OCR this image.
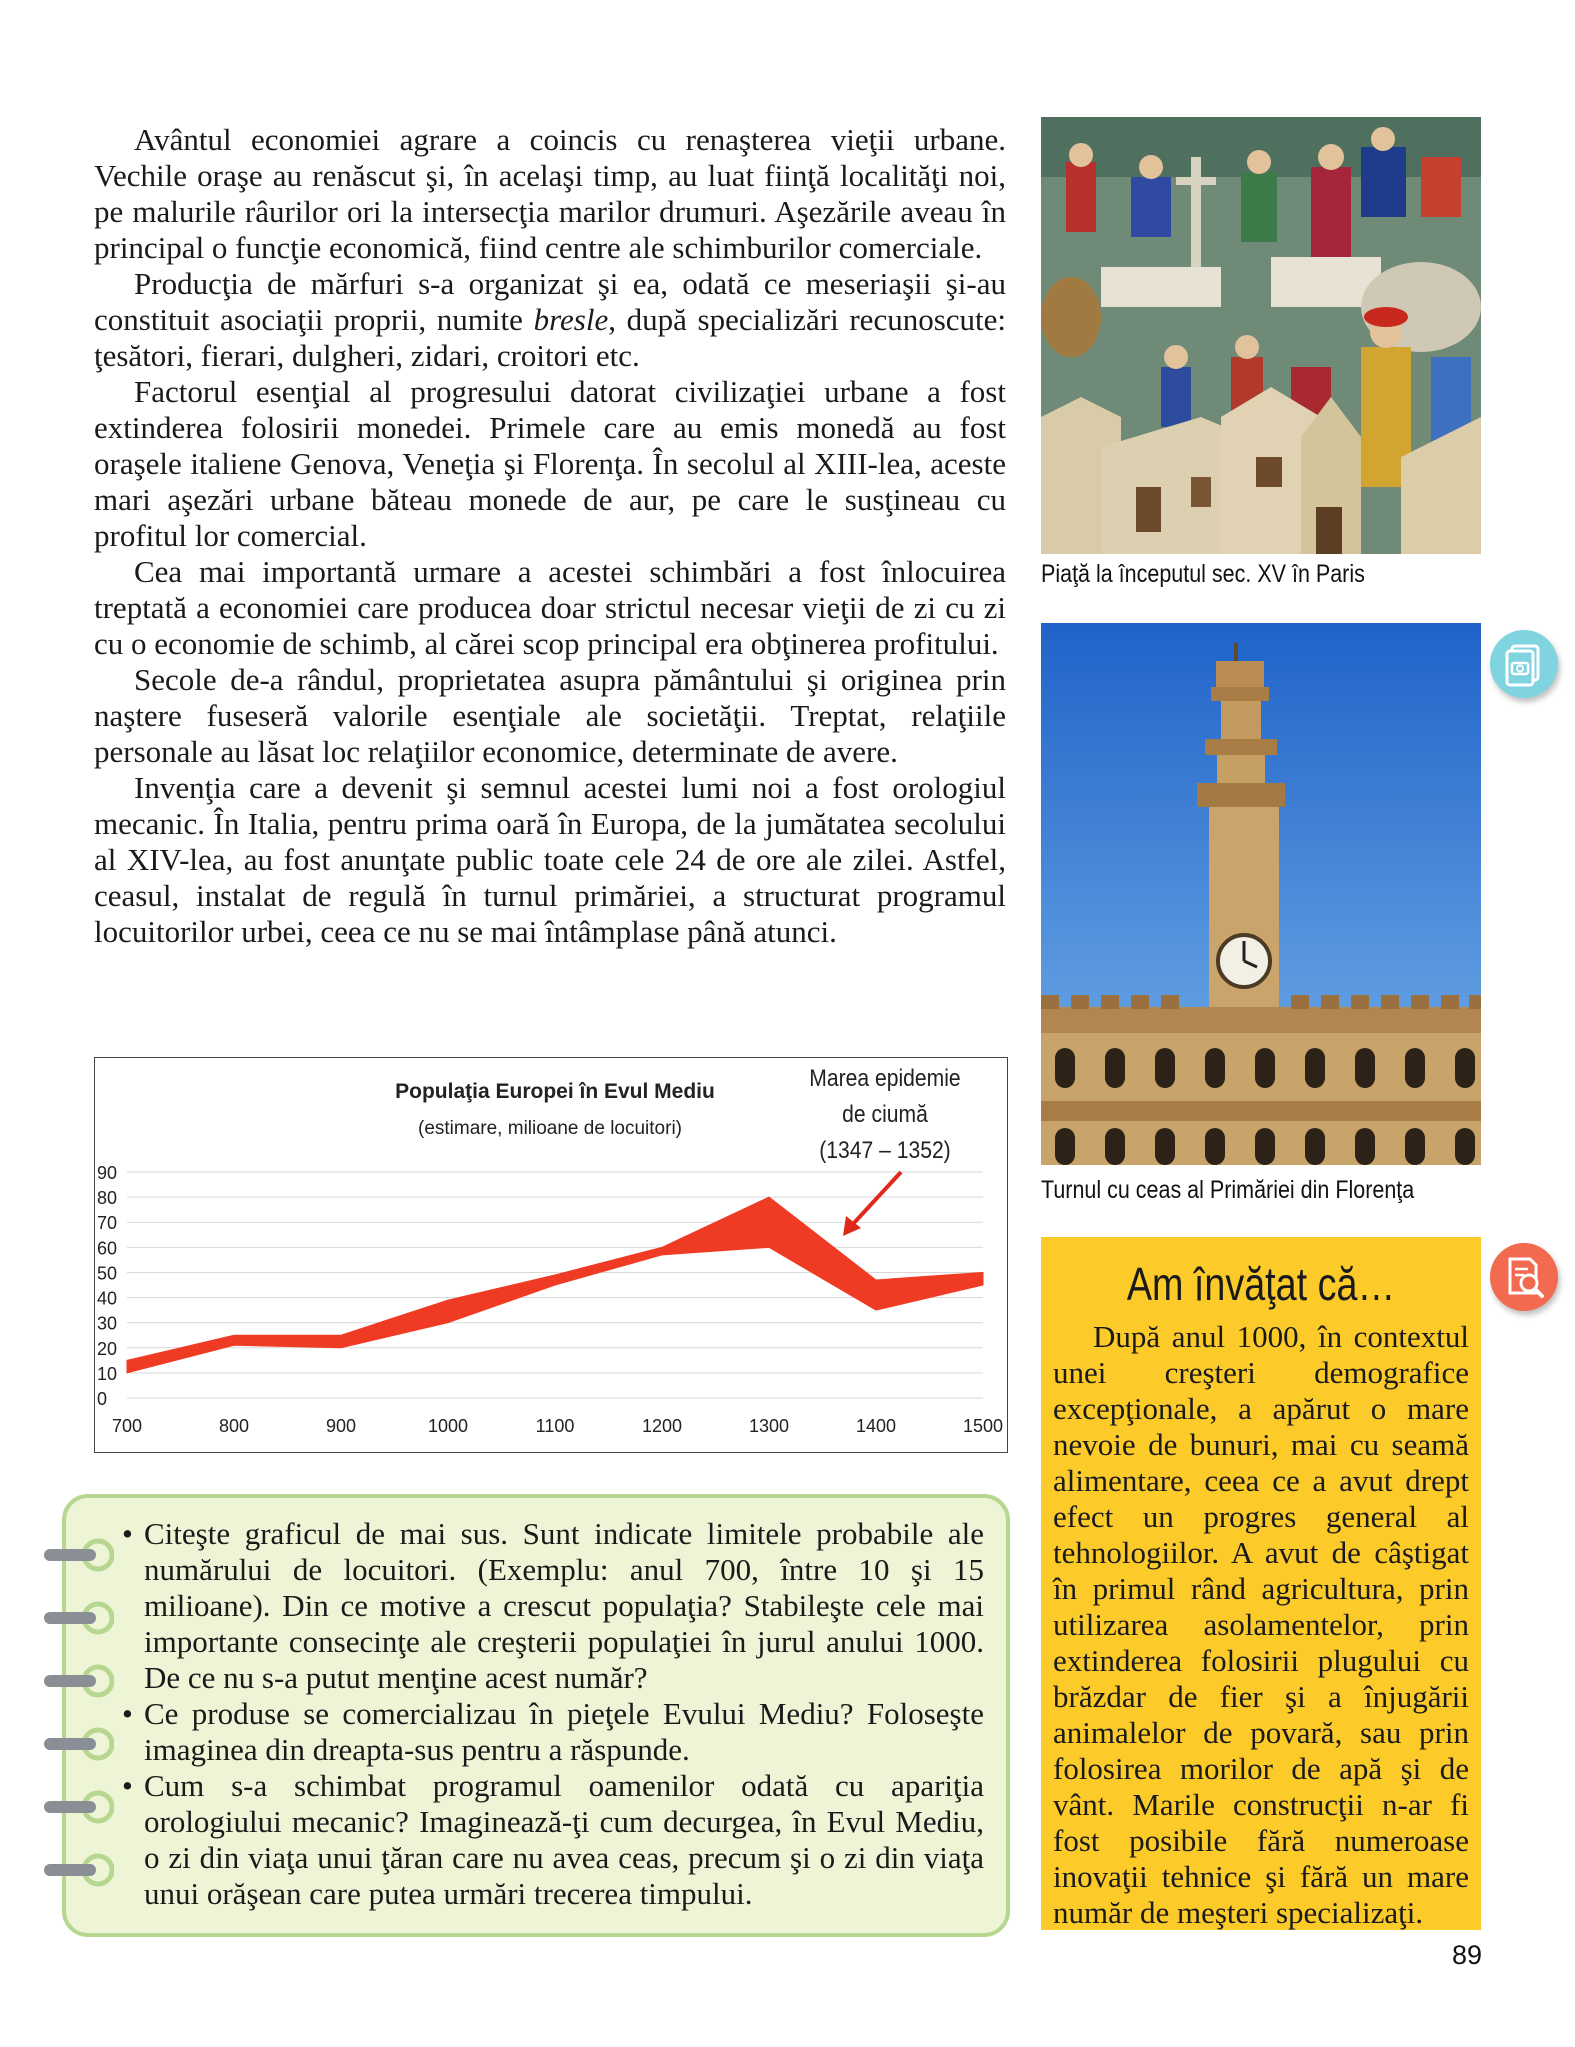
Avântul economiei agrare a coincis cu renaşterea vieţii urbane. Vechile oraşe au renăscut şi, în acelaşi timp, au luat fiinţă localităţi noi, pe malurile râurilor ori la intersecţia marilor drumuri. Aşezările aveau în principal o funcţie economică, fiind centre ale schimburilor comerciale.

Producţia de mărfuri s-a organizat şi ea, odată ce meseriaşii şi-au constituit asociaţii proprii, numite bresle, după specializări recunoscute: ţesători, fierari, dulgheri, zidari, croitori etc.

Factorul esenţial al progresului datorat civilizaţiei urbane a fost extinderea folosirii monedei. Primele care au emis monedă au fost oraşele italiene Genova, Veneţia şi Florenţa. În secolul al XIII-lea, aceste mari aşezări urbane băteau monede de aur, pe care le susţineau cu profitul lor comercial.

Cea mai importantă urmare a acestei schimbări a fost înlocuirea treptată a economiei care producea doar strictul necesar vieţii de zi cu zi cu o economie de schimb, al cărei scop principal era obţinerea profitului.

Secole de-a rândul, proprietatea asupra pământului şi originea prin naştere fuseseră valorile esenţiale ale societăţii. Treptat, relaţiile personale au lăsat loc relaţiilor economice, determinate de avere.

Invenţia care a devenit şi semnul acestei lumi noi a fost orologiul mecanic. În Italia, pentru prima oară în Europa, de la jumătatea secolului al XIV-lea, au fost anunţate public toate cele 24 de ore ale zilei. Astfel, ceasul, instalat de regulă în turnul primăriei, a structurat programul locuitorilor urbei, ceea ce nu se mai întâmplase până atunci.

Piaţă la începutul sec. XV în Paris
Turnul cu ceas al Primăriei din Florenţa
Populaţia Europei în Evul Mediu
(estimare, milioane de locuitori)
Marea epidemie
de ciumă
(1347 – 1352)
0
10
20
30
40
50
60
70
80
90
700	800	900	1000	1100	1200	1300	1400	1500
• Citeşte graficul de mai sus. Sunt indicate limitele probabile ale numărului de locuitori. (Exemplu: anul 700, între 10 şi 15 milioane). Din ce motive a crescut populaţia? Stabileşte cele mai importante consecinţe ale creşterii populaţiei în jurul anului 1000. De ce nu s-a putut menţine acest număr?
• Ce produse se comercializau în pieţele Evului Mediu? Foloseşte imaginea din dreapta-sus pentru a răspunde.
• Cum s-a schimbat programul oamenilor odată cu apariţia orologiului mecanic? Imaginează-ţi cum decurgea, în Evul Mediu, o zi din viaţa unui ţăran care nu avea ceas, precum şi o zi din viaţa unui orăşean care putea urmări trecerea timpului.
Am învăţat că…

După anul 1000, în contextul unei creşteri demografice excepţionale, a apărut o mare nevoie de bunuri, mai cu seamă alimentare, ceea ce a avut drept efect un progres general al tehnologiilor. A avut de câştigat în primul rând agricultura, prin utilizarea asolamentelor, prin extinderea folosirii plugului cu brăzdar de fier şi a înjugării animalelor de povară, sau prin folosirea morilor de apă şi de vânt. Marile construcţii n-ar fi fost posibile fără numeroase inovaţii tehnice şi fără un mare număr de meşteri specializaţi.

89
